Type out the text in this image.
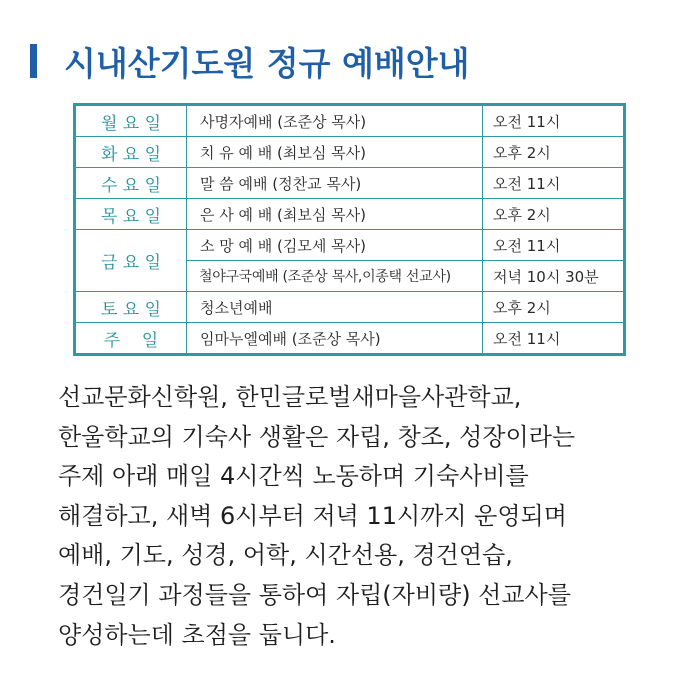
시내산기도원 정규 예배안내
월 요 일	사명자예배 (조준상 목사)	오전 11시
화 요 일	치 유 예 배 (최보심 목사)	오후 2시
수 요 일	말 씀 예배 (정찬교 목사)	오전 11시
목 요 일	은 사 예 배 (최보심 목사)	오후 2시
금 요 일	소 망 예 배 (김모세 목사)	오전 11시
	철야구국예배 (조준상 목사,이종택 선교사)	저녁 10시 30분
토 요 일	청소년예배	오후 2시
주    일	임마누엘예배 (조준상 목사)	오전 11시
선교문화신학원, 한민글로벌새마을사관학교,
한울학교의 기숙사 생활은 자립, 창조, 성장이라는
주제 아래 매일 4시간씩 노동하며 기숙사비를
해결하고, 새벽 6시부터 저녁 11시까지 운영되며
예배, 기도, 성경, 어학, 시간선용, 경건연습,
경건일기 과정들을 통하여 자립(자비량) 선교사를
양성하는데 초점을 둡니다.
